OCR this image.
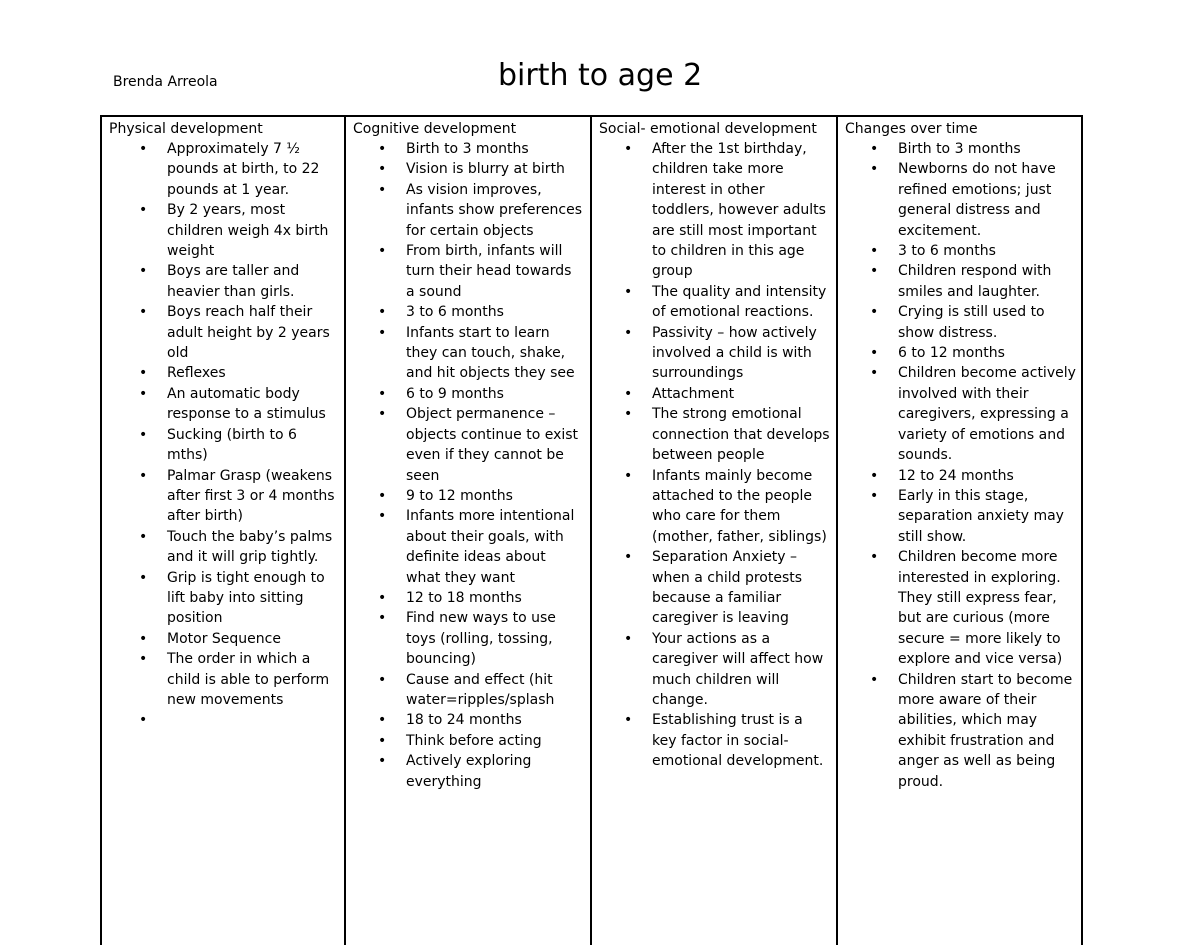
Brenda Arreola	birth to age 2
Physical development
• Approximately 7 ½ pounds at birth, to 22 pounds at 1 year.
• By 2 years, most children weigh 4x birth weight
• Boys are taller and heavier than girls.
• Boys reach half their adult height by 2 years old
• Reflexes
• An automatic body response to a stimulus
• Sucking (birth to 6 mths)
• Palmar Grasp (weakens after first 3 or 4 months after birth)
• Touch the baby’s palms and it will grip tightly.
• Grip is tight enough to lift baby into sitting position
• Motor Sequence
• The order in which a child is able to perform new movements
•
Cognitive development
• Birth to 3 months
• Vision is blurry at birth
• As vision improves, infants show preferences for certain objects
• From birth, infants will turn their head towards a sound
• 3 to 6 months
• Infants start to learn they can touch, shake, and hit objects they see
• 6 to 9 months
• Object permanence – objects continue to exist even if they cannot be seen
• 9 to 12 months
• Infants more intentional about their goals, with definite ideas about what they want
• 12 to 18 months
• Find new ways to use toys (rolling, tossing, bouncing)
• Cause and effect (hit water=ripples/splash
• 18 to 24 months
• Think before acting
• Actively exploring everything
Social- emotional development
• After the 1st birthday, children take more interest in other toddlers, however adults are still most important to children in this age group
• The quality and intensity of emotional reactions.
• Passivity – how actively involved a child is with surroundings
• Attachment
• The strong emotional connection that develops between people
• Infants mainly become attached to the people who care for them (mother, father, siblings)
• Separation Anxiety – when a child protests because a familiar caregiver is leaving
• Your actions as a caregiver will affect how much children will change.
• Establishing trust is a key factor in social-emotional development.
Changes over time
• Birth to 3 months
• Newborns do not have refined emotions; just general distress and excitement.
• 3 to 6 months
• Children respond with smiles and laughter.
• Crying is still used to show distress.
• 6 to 12 months
• Children become actively involved with their caregivers, expressing a variety of emotions and sounds.
• 12 to 24 months
• Early in this stage, separation anxiety may still show.
• Children become more interested in exploring. They still express fear, but are curious (more secure = more likely to explore and vice versa)
• Children start to become more aware of their abilities, which may exhibit frustration and anger as well as being proud.
